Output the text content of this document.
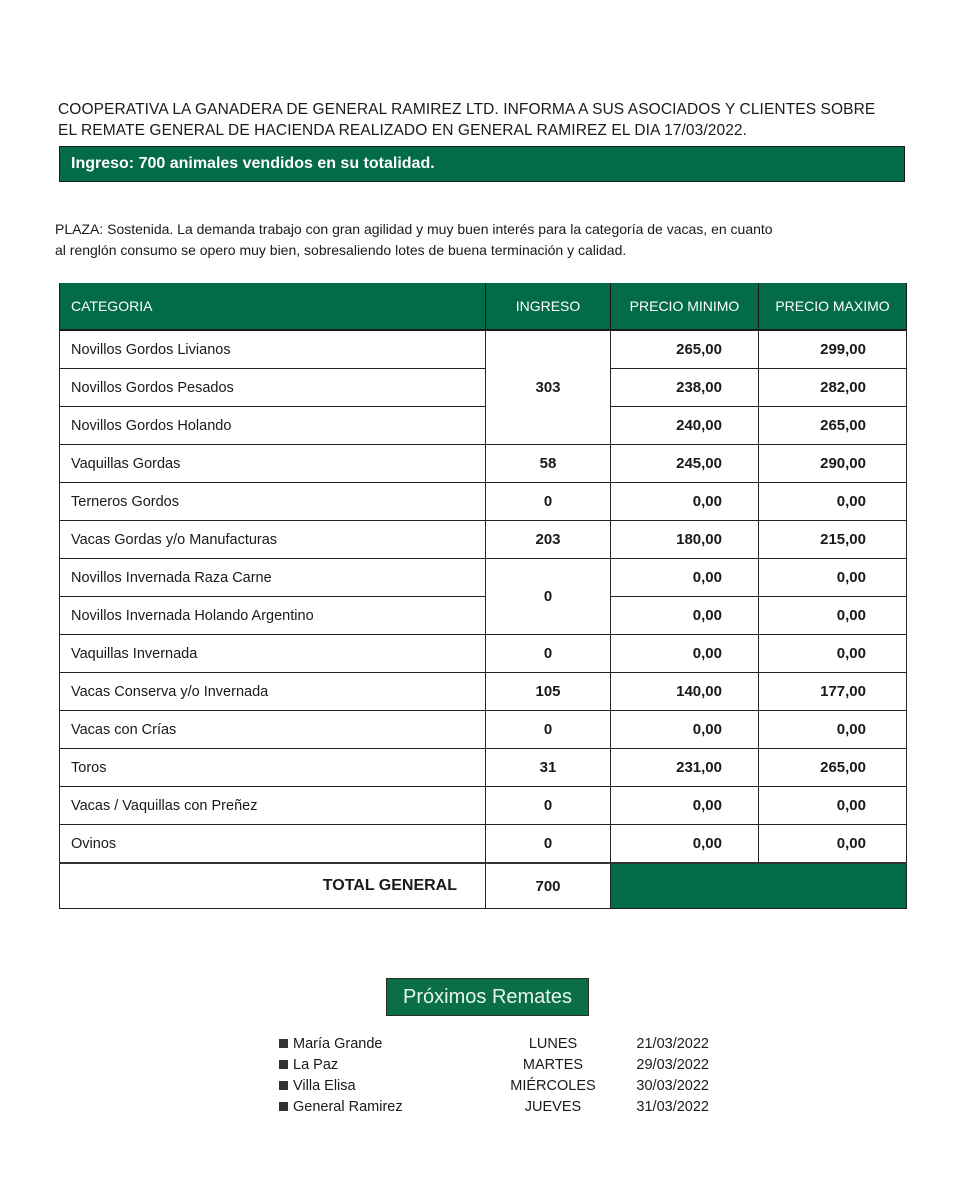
COOPERATIVA LA GANADERA DE GENERAL RAMIREZ LTD. INFORMA A SUS ASOCIADOS Y CLIENTES SOBRE
EL REMATE GENERAL DE HACIENDA REALIZADO EN GENERAL RAMIREZ EL DIA 17/03/2022.
Ingreso: 700 animales vendidos en su totalidad.
PLAZA: Sostenida. La demanda trabajo con gran agilidad y muy buen interés para la categoría de vacas, en cuanto
al renglón consumo se opero muy bien, sobresaliendo lotes de buena terminación y calidad.
CATEGORIA	INGRESO	PRECIO MINIMO	PRECIO MAXIMO
Novillos Gordos Livianos	303	265,00	299,00
Novillos Gordos Pesados		238,00	282,00
Novillos Gordos Holando		240,00	265,00
Vaquillas Gordas	58	245,00	290,00
Terneros Gordos	0	0,00	0,00
Vacas Gordas y/o Manufacturas	203	180,00	215,00
Novillos Invernada Raza Carne	0	0,00	0,00
Novillos Invernada Holando Argentino		0,00	0,00
Vaquillas Invernada	0	0,00	0,00
Vacas Conserva y/o Invernada	105	140,00	177,00
Vacas con Crías	0	0,00	0,00
Toros	31	231,00	265,00
Vacas / Vaquillas con Preñez	0	0,00	0,00
Ovinos	0	0,00	0,00
TOTAL GENERAL	700		
Próximos Remates
María Grande	LUNES	21/03/2022
La Paz	MARTES	29/03/2022
Villa Elisa	MIÉRCOLES	30/03/2022
General Ramirez	JUEVES	31/03/2022
